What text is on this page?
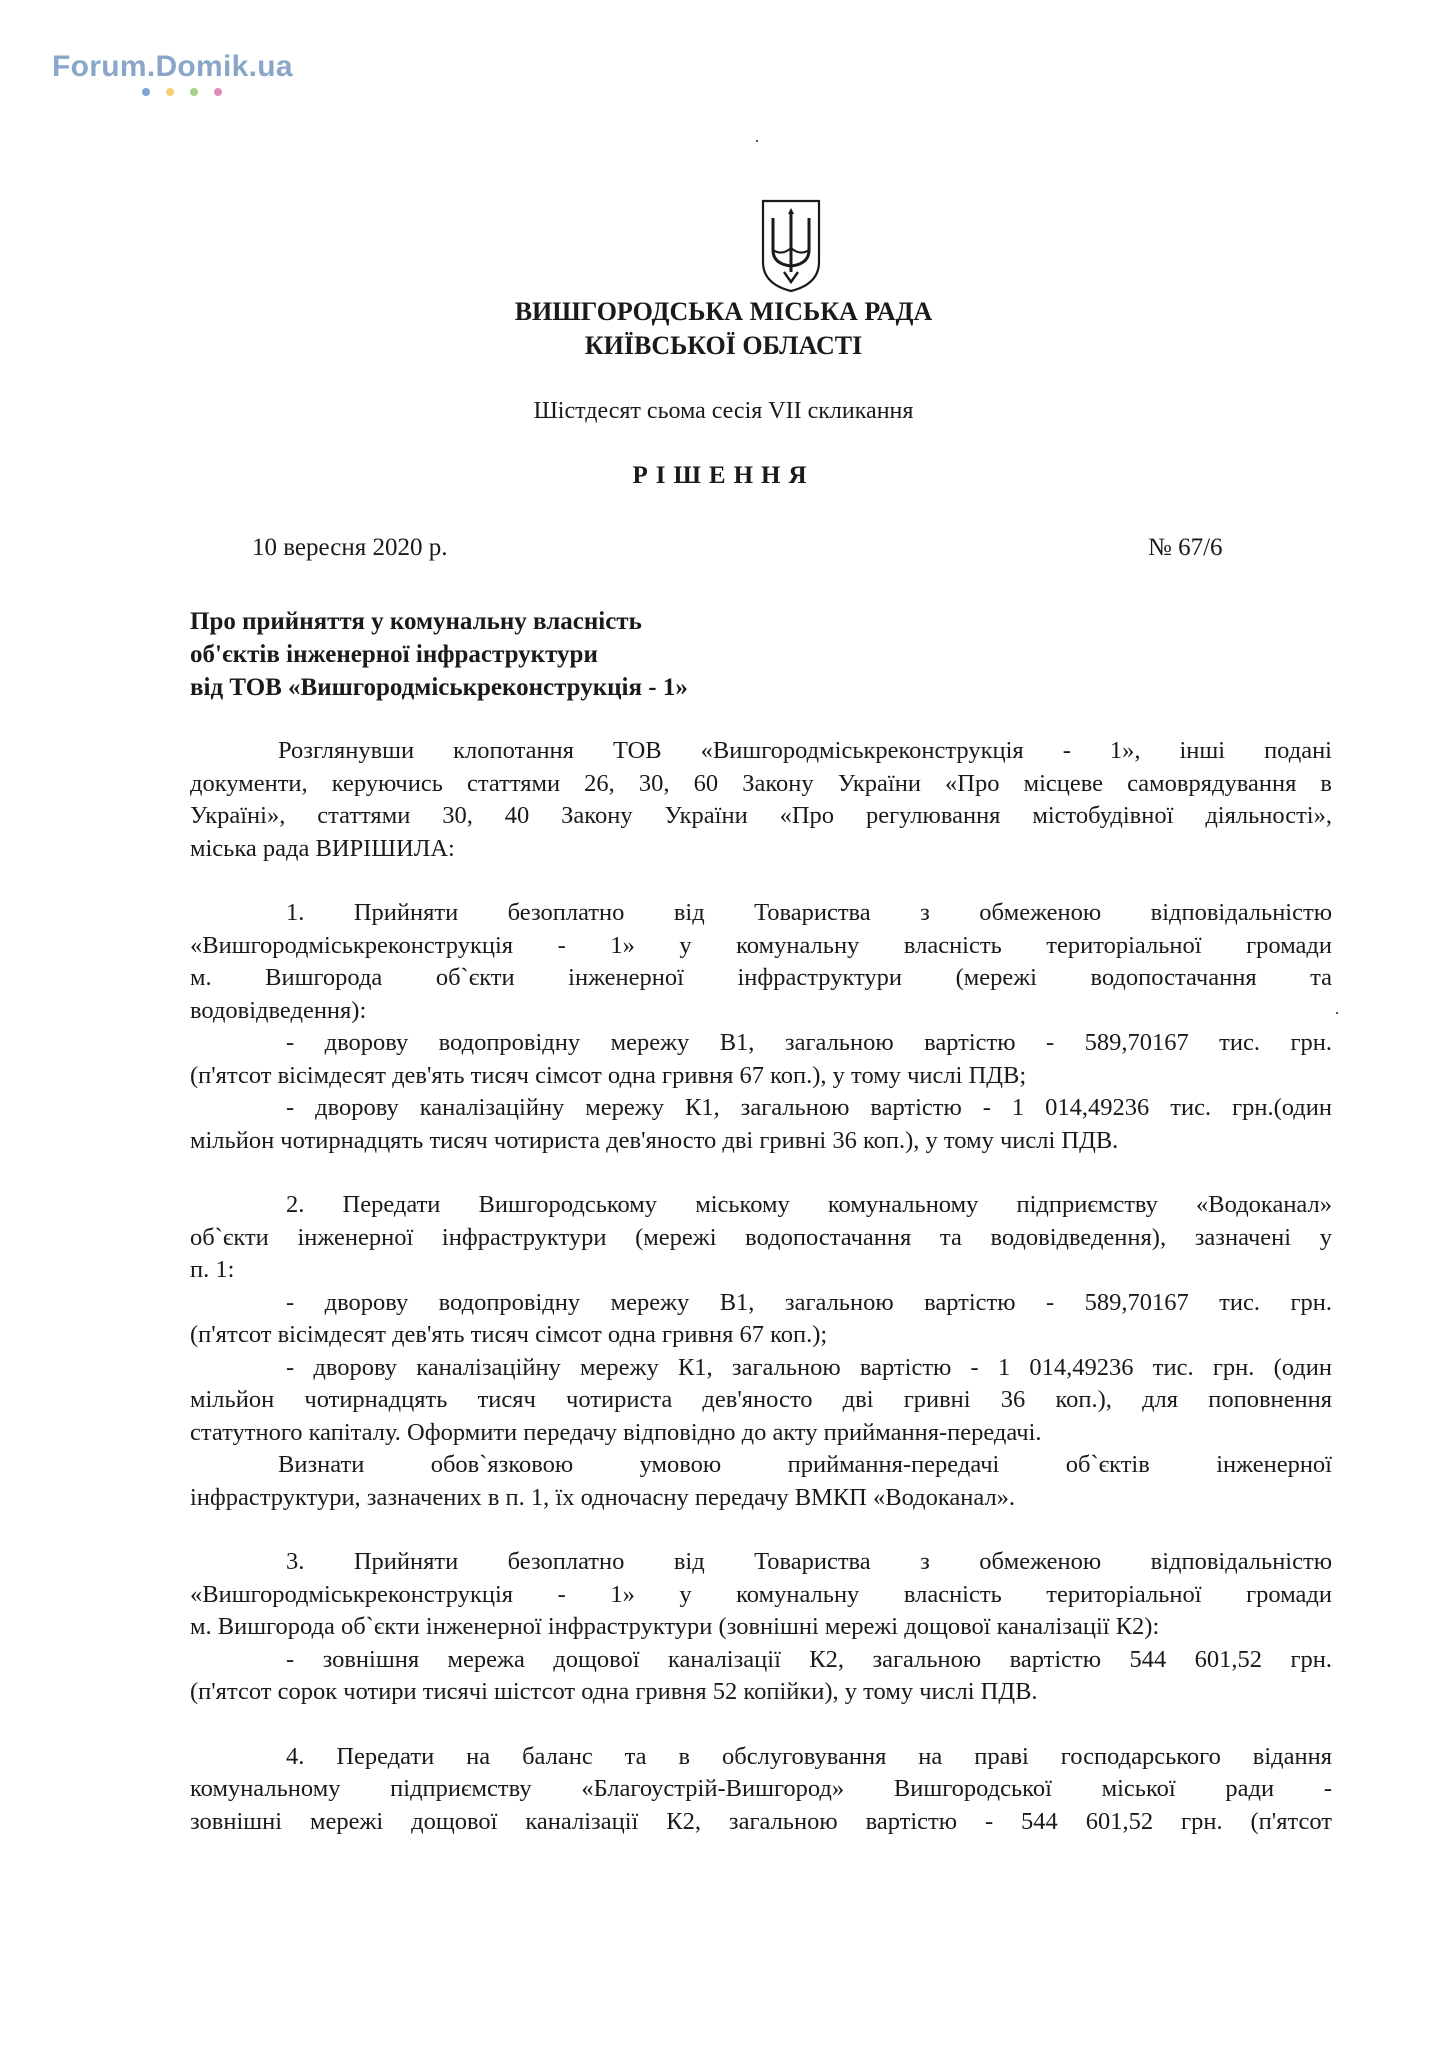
Forum.Domik.ua
ВИШГОРОДСЬКА МІСЬКА РАДА
КИЇВСЬКОЇ ОБЛАСТІ
Шістдесят сьома сесія VII скликання
РІШЕННЯ
10 вересня 2020 р.	№ 67/6
Про прийняття у комунальну власність
об'єктів інженерної інфраструктури
від ТОВ «Вишгородміськреконструкція - 1»

Розглянувши клопотання ТОВ «Вишгородміськреконструкція - 1», інші подані

документи, керуючись статтями 26, 30, 60 Закону України «Про місцеве самоврядування в

Україні», статтями 30, 40 Закону України «Про регулювання містобудівної діяльності»,

міська рада ВИРІШИЛА:

1. Прийняти безоплатно від Товариства з обмеженою відповідальністю

«Вишгородміськреконструкція - 1» у комунальну власність територіальної громади

м. Вишгорода об`єкти інженерної інфраструктури (мережі водопостачання та

водовідведення):

- дворову водопровідну мережу В1, загальною вартістю - 589,70167 тис. грн.

(п'ятсот вісімдесят дев'ять тисяч сімсот одна гривня 67 коп.), у тому числі ПДВ;

- дворову каналізаційну мережу К1, загальною вартістю - 1 014,49236 тис. грн.(один

мільйон чотирнадцять тисяч чотириста дев'яносто дві гривні 36 коп.), у тому числі ПДВ.

2. Передати Вишгородському міському комунальному підприємству «Водоканал»

об`єкти інженерної інфраструктури (мережі водопостачання та водовідведення), зазначені у

п. 1:

- дворову водопровідну мережу В1, загальною вартістю - 589,70167 тис. грн.

(п'ятсот вісімдесят дев'ять тисяч сімсот одна гривня 67 коп.);

- дворову каналізаційну мережу К1, загальною вартістю - 1 014,49236 тис. грн. (один

мільйон чотирнадцять тисяч чотириста дев'яносто дві гривні 36 коп.), для поповнення

статутного капіталу. Оформити передачу відповідно до акту приймання-передачі.

Визнати обов`язковою умовою приймання-передачі об`єктів інженерної

інфраструктури, зазначених в п. 1, їх одночасну передачу ВМКП «Водоканал».

3. Прийняти безоплатно від Товариства з обмеженою відповідальністю

«Вишгородміськреконструкція - 1» у комунальну власність територіальної громади

м. Вишгорода об`єкти інженерної інфраструктури (зовнішні мережі дощової каналізації К2):

- зовнішня мережа дощової каналізації К2, загальною вартістю 544 601,52 грн.

(п'ятсот сорок чотири тисячі шістсот одна гривня 52 копійки), у тому числі ПДВ.

4. Передати на баланс та в обслуговування на праві господарського відання

комунальному підприємству «Благоустрій-Вишгород» Вишгородської міської ради -

зовнішні мережі дощової каналізації К2, загальною вартістю - 544 601,52 грн. (п'ятсот
